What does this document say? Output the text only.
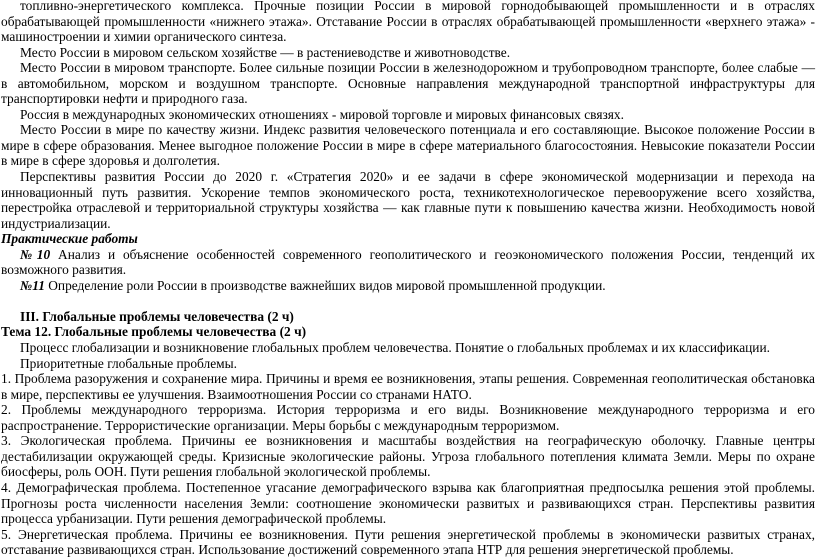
топливно-энергетического комплекса. Прочные позиции России в мировой горнодобывающей промышленности и в отраслях обрабатывающей промышленности «нижнего этажа». Отставание России в отраслях обрабатывающей промышленности «верхнего этажа» - машиностроении и химии органического синтеза.

Место России в мировом сельском хозяйстве — в растениеводстве и животноводстве.

Место России в мировом транспорте. Более сильные позиции России в железнодорожном и трубопроводном транспорте, более слабые — в автомобильном, морском и воздушном транспорте. Основные направления международной транспортной инфраструктуры для транспортировки нефти и природного газа.

Россия в международных экономических отношениях - мировой торговле и мировых финансовых связях.

Место России в мире по качеству жизни. Индекс развития человеческого потенциала и его составляющие. Высокое положение России в мире в сфере образования. Менее выгодное положение России в мире в сфере материального благосостояния. Невысокие показатели России в мире в сфере здоровья и долголетия.

Перспективы развития России до 2020 г. «Стратегия 2020» и ее задачи в сфере экономической модернизации и перехода на инновационный путь развития. Ускорение темпов экономического роста, техникотехнологическое перевооружение всего хозяйства, перестройка отраслевой и территориальной структуры хозяйства — как главные пути к повышению качества жизни. Необходимость новой индустриализации.

Практические работы

№10 Анализ и объяснение особенностей современного геополитического и геоэкономического положения России, тенденций их возможного развития.

№11 Определение роли России в производстве важнейших видов мировой промышленной продукции.

III. Глобальные проблемы человечества (2 ч)

Тема 12. Глобальные проблемы человечества (2 ч)

Процесс глобализации и возникновение глобальных проблем человечества. Понятие о глобальных проблемах и их классификации.

Приоритетные глобальные проблемы.

1. Проблема разоружения и сохранение мира. Причины и время ее возникновения, этапы решения. Современная геополитическая обстановка в мире, перспективы ее улучшения. Взаимоотношения России со странами НАТО.

2. Проблемы международного терроризма. История терроризма и его виды. Возникновение международного терроризма и его распространение. Террористические организации. Меры борьбы с международным терроризмом.

3. Экологическая проблема. Причины ее возникновения и масштабы воздействия на географическую оболочку. Главные центры дестабилизации окружающей среды. Кризисные экологические районы. Угроза глобального потепления климата Земли. Меры по охране биосферы, роль ООН. Пути решения глобальной экологической проблемы.

4. Демографическая проблема. Постепенное угасание демографического взрыва как благоприятная предпосылка решения этой проблемы. Прогнозы роста численности населения Земли: соотношение экономически развитых и развивающихся стран. Перспективы развития процесса урбанизации. Пути решения демографической проблемы.

5. Энергетическая проблема. Причины ее возникновения. Пути решения энергетической проблемы в экономически развитых странах, отставание развивающихся стран. Использование достижений современного этапа НТР для решения энергетической проблемы.
